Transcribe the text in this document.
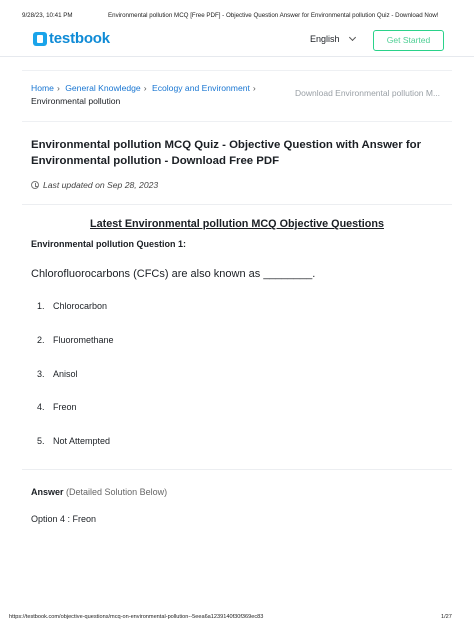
9/28/23, 10:41 PM	Environmental pollution MCQ [Free PDF] - Objective Question Answer for Environmental pollution Quiz - Download Now!
testbook	English	Get Started
Home › General Knowledge › Ecology and Environment ›
Environmental pollution
Download Environmental pollution M...
Environmental pollution MCQ Quiz - Objective Question with Answer for Environmental pollution - Download Free PDF
Last updated on Sep 28, 2023
Latest Environmental pollution MCQ Objective Questions
Environmental pollution Question 1:
Chlorofluorocarbons (CFCs) are also known as ________.
1. Chlorocarbon
2. Fluoromethane
3. Anisol
4. Freon
5. Not Attempted
Answer (Detailed Solution Below)
Option 4 : Freon
https://testbook.com/objective-questions/mcq-on-environmental-pollution--5eea6a1239140f30f369ec83	1/27
